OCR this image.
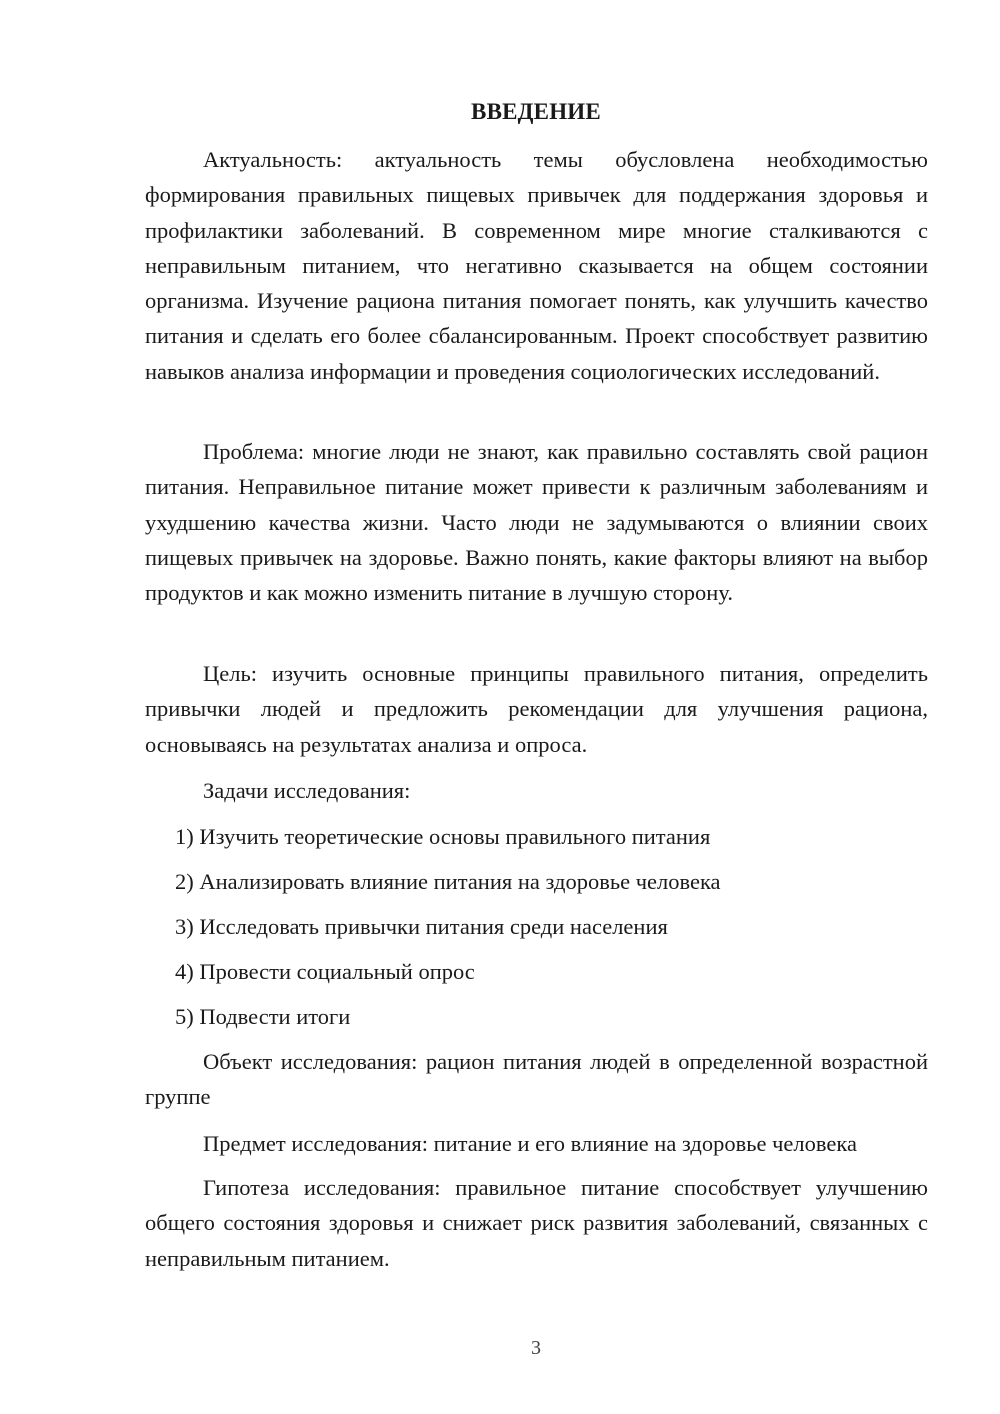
ВВЕДЕНИЕ

Актуальность: актуальность темы обусловлена необходимостью формирования правильных пищевых привычек для поддержания здоровья и профилактики заболеваний. В современном мире многие сталкиваются с неправильным питанием, что негативно сказывается на общем состоянии организма. Изучение рациона питания помогает понять, как улучшить качество питания и сделать его более сбалансированным. Проект способствует развитию навыков анализа информации и проведения социологических исследований.

Проблема: многие люди не знают, как правильно составлять свой рацион питания. Неправильное питание может привести к различным заболеваниям и ухудшению качества жизни. Часто люди не задумываются о влиянии своих пищевых привычек на здоровье. Важно понять, какие факторы влияют на выбор продуктов и как можно изменить питание в лучшую сторону.

Цель: изучить основные принципы правильного питания, определить привычки людей и предложить рекомендации для улучшения рациона, основываясь на результатах анализа и опроса.

Задачи исследования:

1) Изучить теоретические основы правильного питания

2) Анализировать влияние питания на здоровье человека

3) Исследовать привычки питания среди населения

4) Провести социальный опрос

5) Подвести итоги

Объект исследования: рацион питания людей в определенной возрастной группе

Предмет исследования: питание и его влияние на здоровье человека

Гипотеза исследования: правильное питание способствует улучшению общего состояния здоровья и снижает риск развития заболеваний, связанных с неправильным питанием.

3
